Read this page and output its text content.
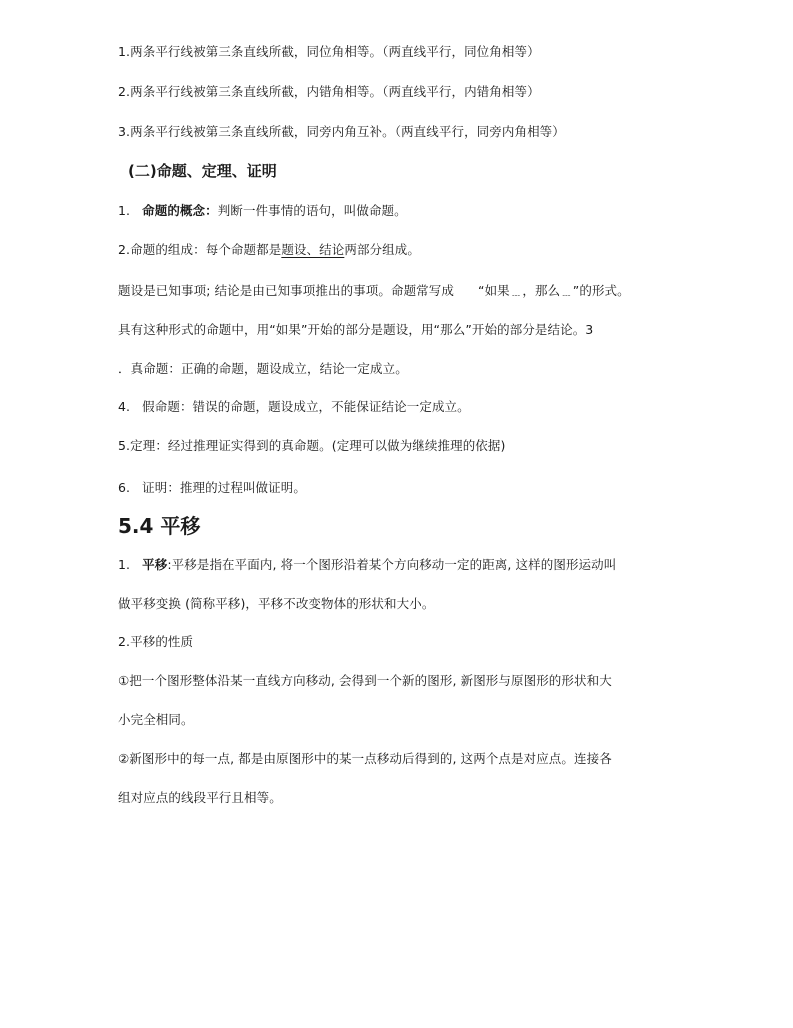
1.两条平行线被第三条直线所截，同位角相等。（两直线平行，同位角相等）
2.两条平行线被第三条直线所截，内错角相等。（两直线平行，内错角相等）
3.两条平行线被第三条直线所截，同旁内角互补。（两直线平行，同旁内角相等）
(二)命题、定理、证明
1. 命题的概念：判断一件事情的语句，叫做命题。
2.命题的组成：每个命题都是题设、结论两部分组成。
题设是已知事项; 结论是由已知事项推出的事项。命题常写成 “如果﹍，那么﹍”的形式。
具有这种形式的命题中，用“如果”开始的部分是题设，用“那么”开始的部分是结论。3
．真命题：正确的命题，题设成立，结论一定成立。
4. 假命题：错误的命题，题设成立，不能保证结论一定成立。
5.定理：经过推理证实得到的真命题。(定理可以做为继续推理的依据)
6. 证明：推理的过程叫做证明。
5.4 平移
1. 平移:平移是指在平面内, 将一个图形沿着某个方向移动一定的距离, 这样的图形运动叫
做平移变换 (简称平移)，平移不改变物体的形状和大小。
2.平移的性质
①把一个图形整体沿某一直线方向移动, 会得到一个新的图形, 新图形与原图形的形状和大
小完全相同。
②新图形中的每一点, 都是由原图形中的某一点移动后得到的, 这两个点是对应点。连接各
组对应点的线段平行且相等。
